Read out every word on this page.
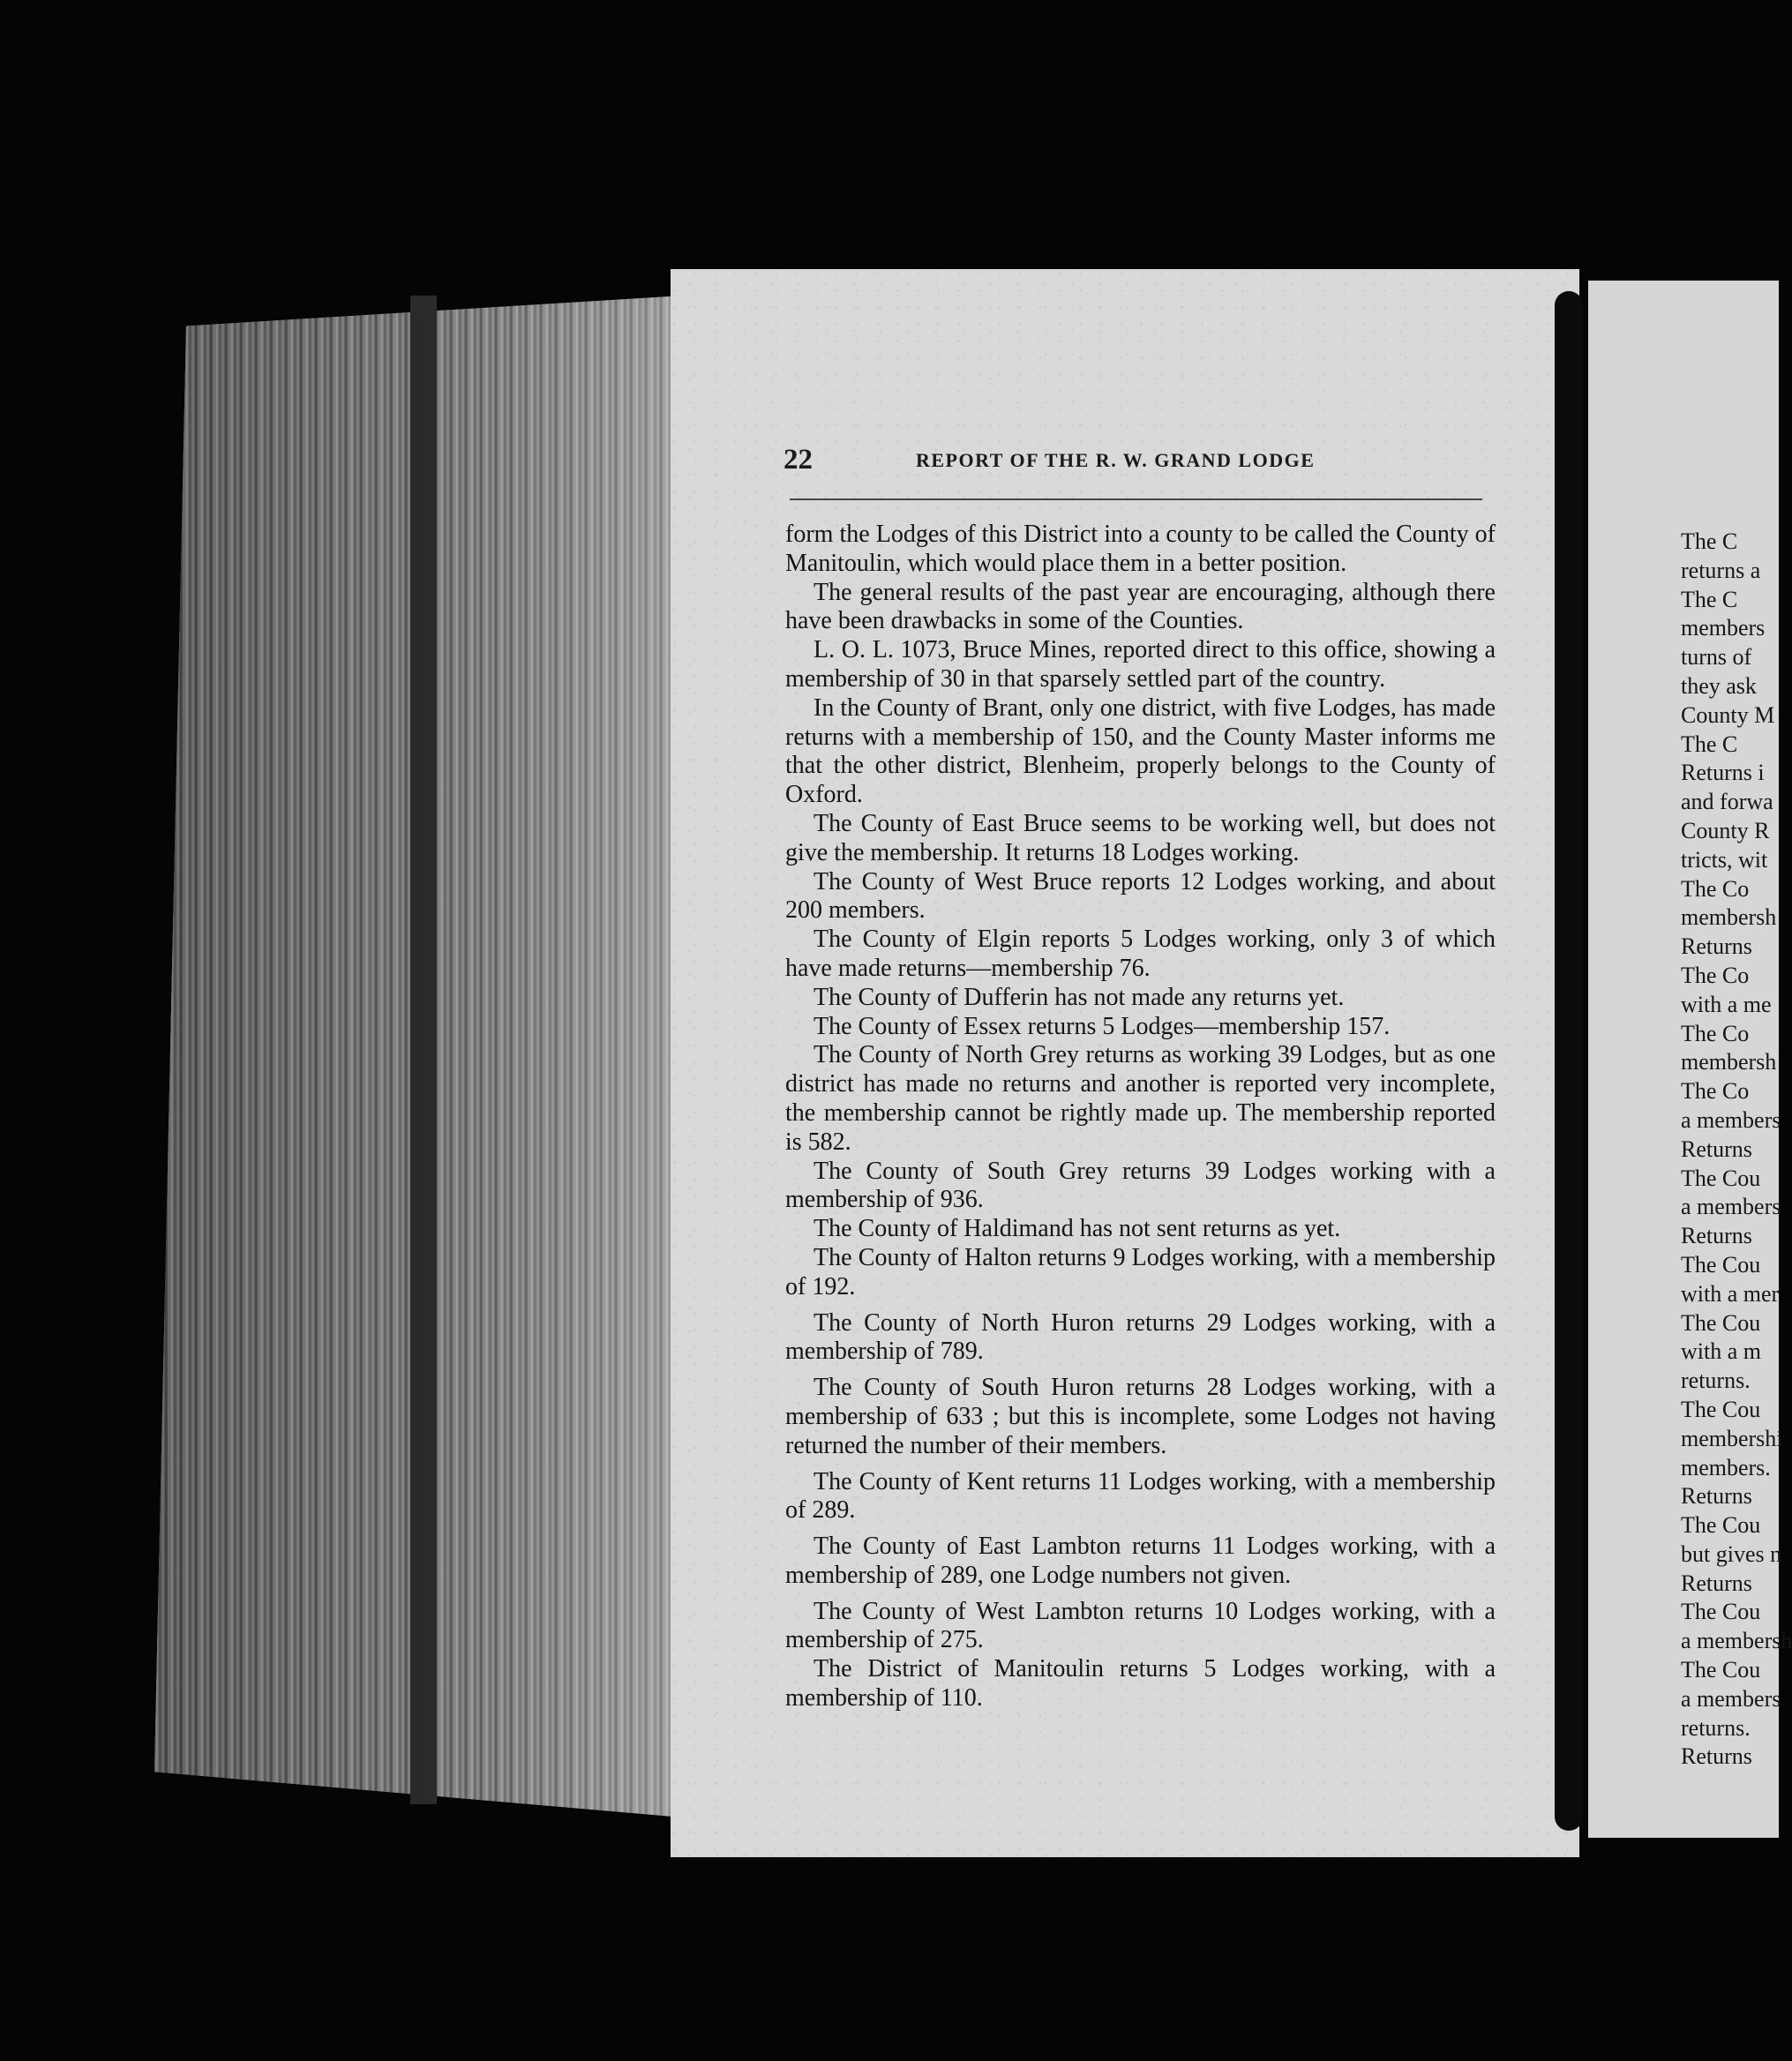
22	REPORT OF THE R. W. GRAND LODGE

form the Lodges of this District into a county to be called the County of Manitoulin, which would place them in a better position.

The general results of the past year are encouraging, although there have been drawbacks in some of the Counties.

L. O. L. 1073, Bruce Mines, reported direct to this office, showing a membership of 30 in that sparsely settled part of the country.

In the County of Brant, only one district, with five Lodges, has made returns with a membership of 150, and the County Master informs me that the other district, Blenheim, properly belongs to the County of Oxford.

The County of East Bruce seems to be working well, but does not give the membership. It returns 18 Lodges working.

The County of West Bruce reports 12 Lodges working, and about 200 members.

The County of Elgin reports 5 Lodges working, only 3 of which have made returns—membership 76.

The County of Dufferin has not made any returns yet.

The County of Essex returns 5 Lodges—membership 157.

The County of North Grey returns as working 39 Lodges, but as one district has made no returns and another is reported very incomplete, the membership cannot be rightly made up. The membership reported is 582.

The County of South Grey returns 39 Lodges working with a membership of 936.

The County of Haldimand has not sent returns as yet.

The County of Halton returns 9 Lodges working, with a membership of 192.

The County of North Huron returns 29 Lodges working, with a membership of 789.

The County of South Huron returns 28 Lodges working, with a membership of 633 ; but this is incomplete, some Lodges not having returned the number of their members.

The County of Kent returns 11 Lodges working, with a membership of 289.

The County of East Lambton returns 11 Lodges working, with a membership of 289, one Lodge numbers not given.

The County of West Lambton returns 10 Lodges working, with a membership of 275.

The District of Manitoulin returns 5 Lodges working, with a membership of 110.

The C
returns a
The C
members
turns of
they ask
County M
The C
Returns i
and forwa
County R
tricts, wit
The Co
membersh
Returns
The Co
with a me
The Co
membersh
The Co
a members
Returns
The Cou
a members
Returns
The Cou
with a mer
The Cou
with a m
returns.
The Cou
membershi
members.
Returns
The Cou
but gives n
Returns
The Cou
a membersh
The Cou
a members
returns.
Returns
